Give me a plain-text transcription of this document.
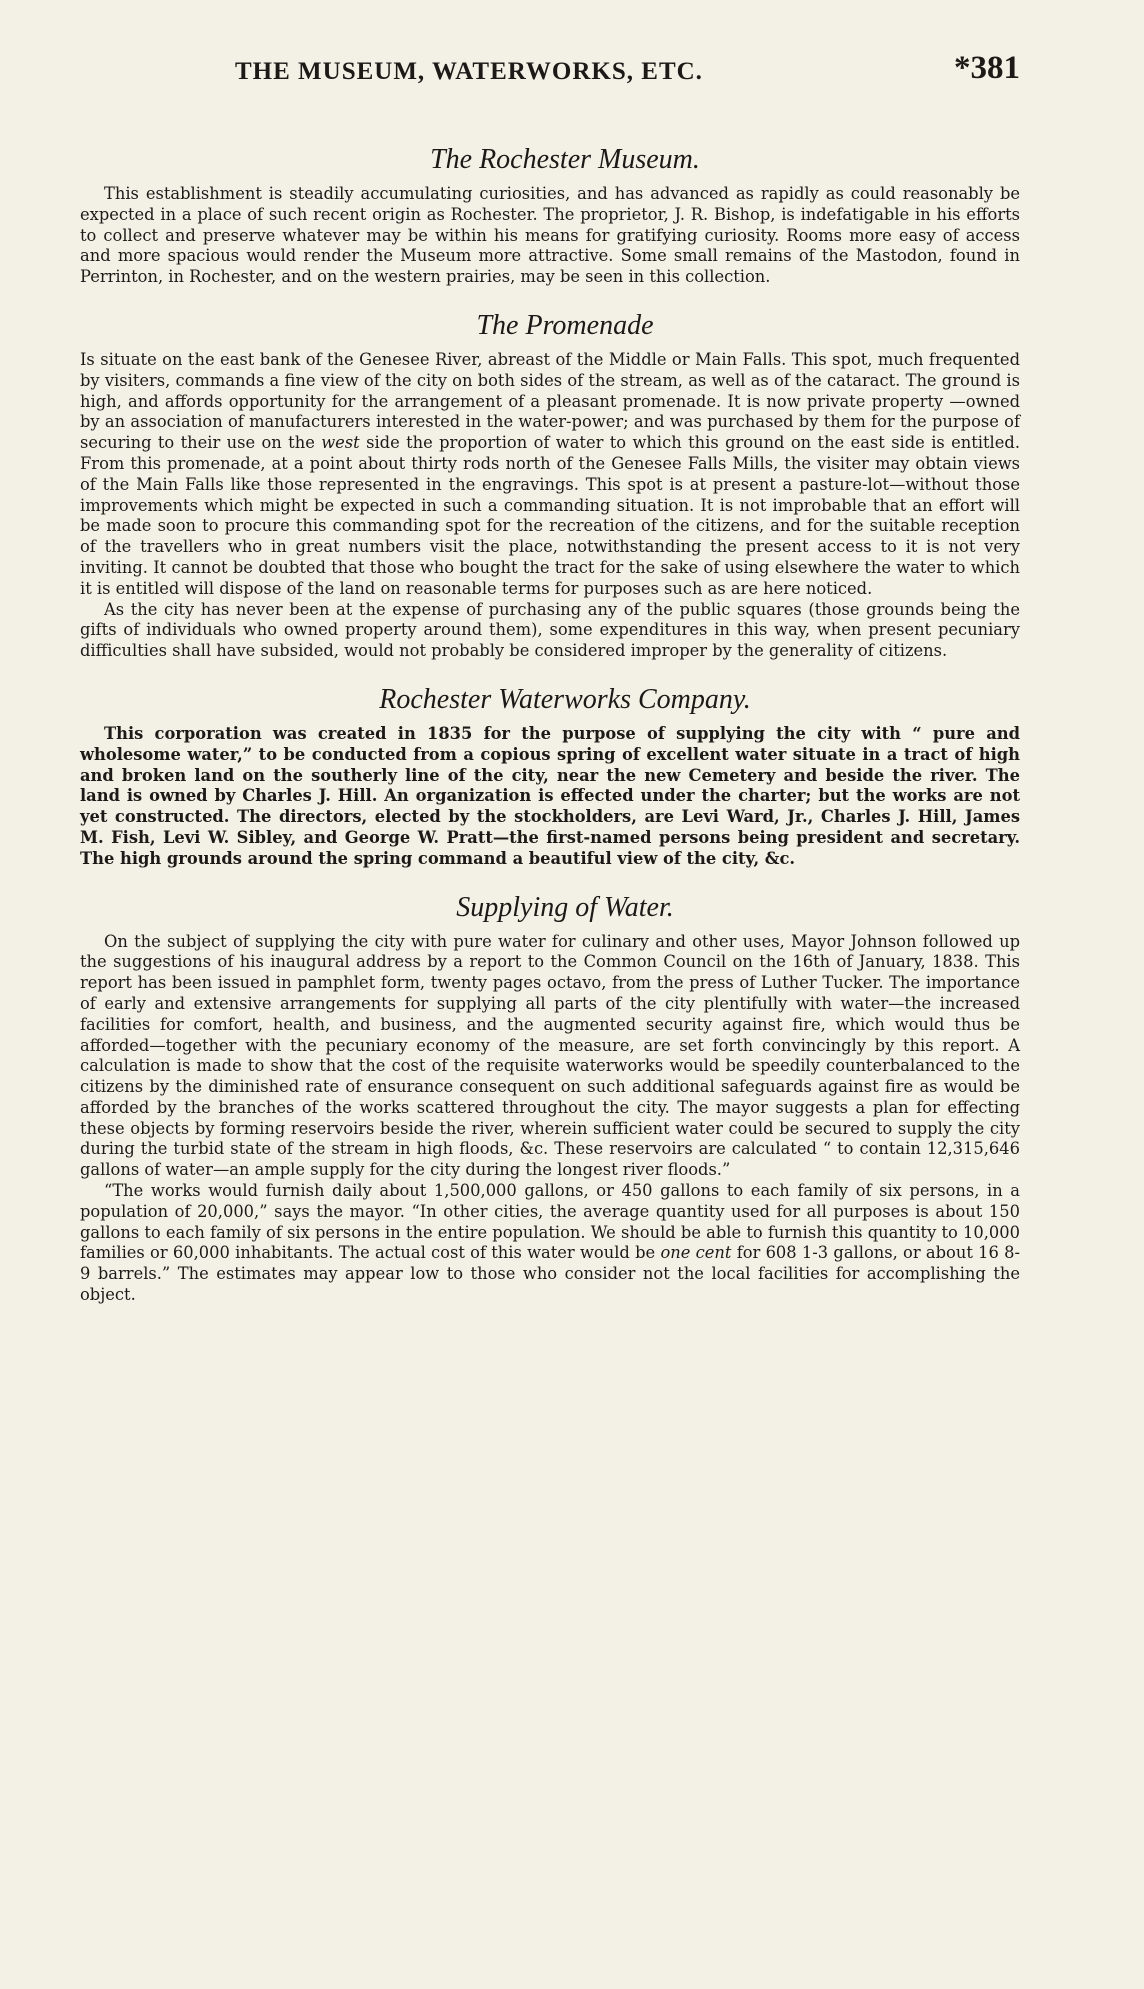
THE MUSEUM, WATERWORKS, ETC.	*381
The Rochester Museum.

This establishment is steadily accumulating curiosities, and has advanced as rapidly as could reasonably be expected in a place of such recent origin as Rochester. The proprietor, J. R. Bishop, is indefatigable in his efforts to collect and preserve whatever may be within his means for gratifying curiosity. Rooms more easy of access and more spacious would render the Museum more attractive. Some small remains of the Mastodon, found in Perrinton, in Rochester, and on the western prairies, may be seen in this collection.

The Promenade

Is situate on the east bank of the Genesee River, abreast of the Middle or Main Falls. This spot, much frequented by visiters, commands a fine view of the city on both sides of the stream, as well as of the cataract. The ground is high, and affords opportunity for the arrangement of a pleasant promenade. It is now private property —owned by an association of manufacturers interested in the water-power; and was purchased by them for the purpose of securing to their use on the west side the proportion of water to which this ground on the east side is entitled. From this promenade, at a point about thirty rods north of the Genesee Falls Mills, the visiter may obtain views of the Main Falls like those represented in the engravings. This spot is at present a pasture-lot—without those improvements which might be expected in such a commanding situation. It is not improbable that an effort will be made soon to procure this commanding spot for the recreation of the citizens, and for the suitable reception of the travellers who in great numbers visit the place, notwithstanding the present access to it is not very inviting. It cannot be doubted that those who bought the tract for the sake of using elsewhere the water to which it is entitled will dispose of the land on reasonable terms for purposes such as are here noticed.

As the city has never been at the expense of purchasing any of the public squares (those grounds being the gifts of individuals who owned property around them), some expenditures in this way, when present pecuniary difficulties shall have subsided, would not probably be considered improper by the generality of citizens.

Rochester Waterworks Company.

This corporation was created in 1835 for the purpose of supplying the city with “ pure and wholesome water,” to be conducted from a copious spring of excellent water situate in a tract of high and broken land on the southerly line of the city, near the new Cemetery and beside the river. The land is owned by Charles J. Hill. An organization is effected under the charter; but the works are not yet constructed. The directors, elected by the stockholders, are Levi Ward, Jr., Charles J. Hill, James M. Fish, Levi W. Sibley, and George W. Pratt—the first-named persons being president and secretary. The high grounds around the spring command a beautiful view of the city, &c.

Supplying of Water.

On the subject of supplying the city with pure water for culinary and other uses, Mayor Johnson followed up the suggestions of his inaugural address by a report to the Common Council on the 16th of January, 1838. This report has been issued in pamphlet form, twenty pages octavo, from the press of Luther Tucker. The importance of early and extensive arrangements for supplying all parts of the city plentifully with water—the increased facilities for comfort, health, and business, and the augmented security against fire, which would thus be afforded—together with the pecuniary economy of the measure, are set forth convincingly by this report. A calculation is made to show that the cost of the requisite waterworks would be speedily counterbalanced to the citizens by the diminished rate of ensurance consequent on such additional safeguards against fire as would be afforded by the branches of the works scattered throughout the city. The mayor suggests a plan for effecting these objects by forming reservoirs beside the river, wherein sufficient water could be secured to supply the city during the turbid state of the stream in high floods, &c. These reservoirs are calculated “ to contain 12,315,646 gallons of water—an ample supply for the city during the longest river floods.”

“The works would furnish daily about 1,500,000 gallons, or 450 gallons to each family of six persons, in a population of 20,000,” says the mayor. “In other cities, the average quantity used for all purposes is about 150 gallons to each family of six persons in the entire population. We should be able to furnish this quantity to 10,000 families or 60,000 inhabitants. The actual cost of this water would be one cent for 608 1-3 gallons, or about 16 8-9 barrels.” The estimates may appear low to those who consider not the local facilities for accomplishing the object.
